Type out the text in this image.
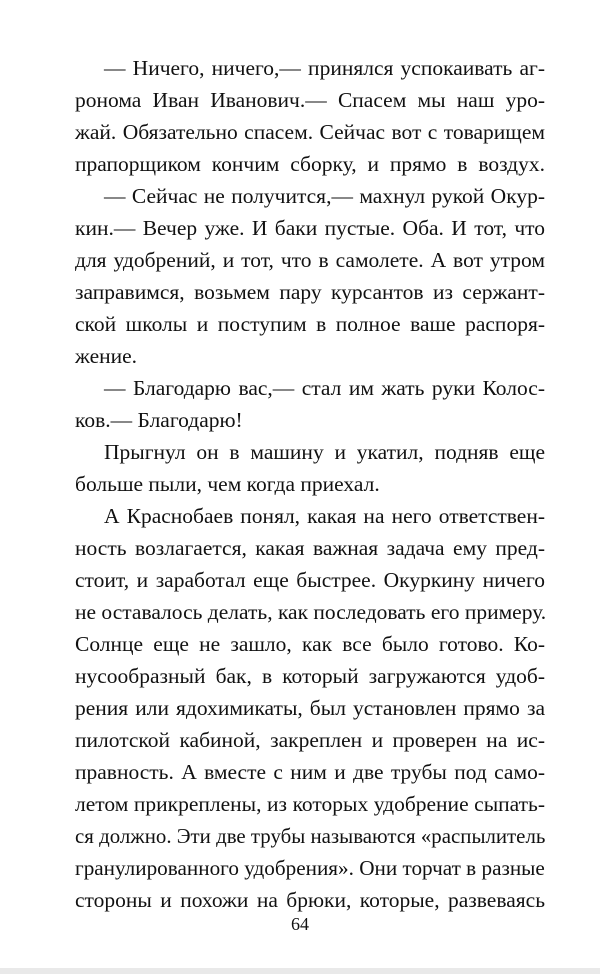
— Ничего, ничего,— принялся успокаивать аг-
ронома Иван Иванович.— Спасем мы наш уро-
жай. Обязательно спасем. Сейчас вот с товарищем
прапорщиком кончим сборку, и прямо в воздух.
— Сейчас не получится,— махнул рукой Окур-
кин.— Вечер уже. И баки пустые. Оба. И тот, что
для удобрений, и тот, что в самолете. А вот утром
заправимся, возьмем пару курсантов из сержант-
ской школы и поступим в полное ваше распоря-
жение.
— Благодарю вас,— стал им жать руки Колос-
ков.— Благодарю!
Прыгнул он в машину и укатил, подняв еще
больше пыли, чем когда приехал.
А Краснобаев понял, какая на него ответствен-
ность возлагается, какая важная задача ему пред-
стоит, и заработал еще быстрее. Окуркину ничего
не оставалось делать, как последовать его примеру.
Солнце еще не зашло, как все было готово. Ко-
нусообразный бак, в который загружаются удоб-
рения или ядохимикаты, был установлен прямо за
пилотской кабиной, закреплен и проверен на ис-
правность. А вместе с ним и две трубы под само-
летом прикреплены, из которых удобрение сыпать-
ся должно. Эти две трубы называются «распылитель
гранулированного удобрения». Они торчат в разные
стороны и похожи на брюки, которые, развеваясь
64
